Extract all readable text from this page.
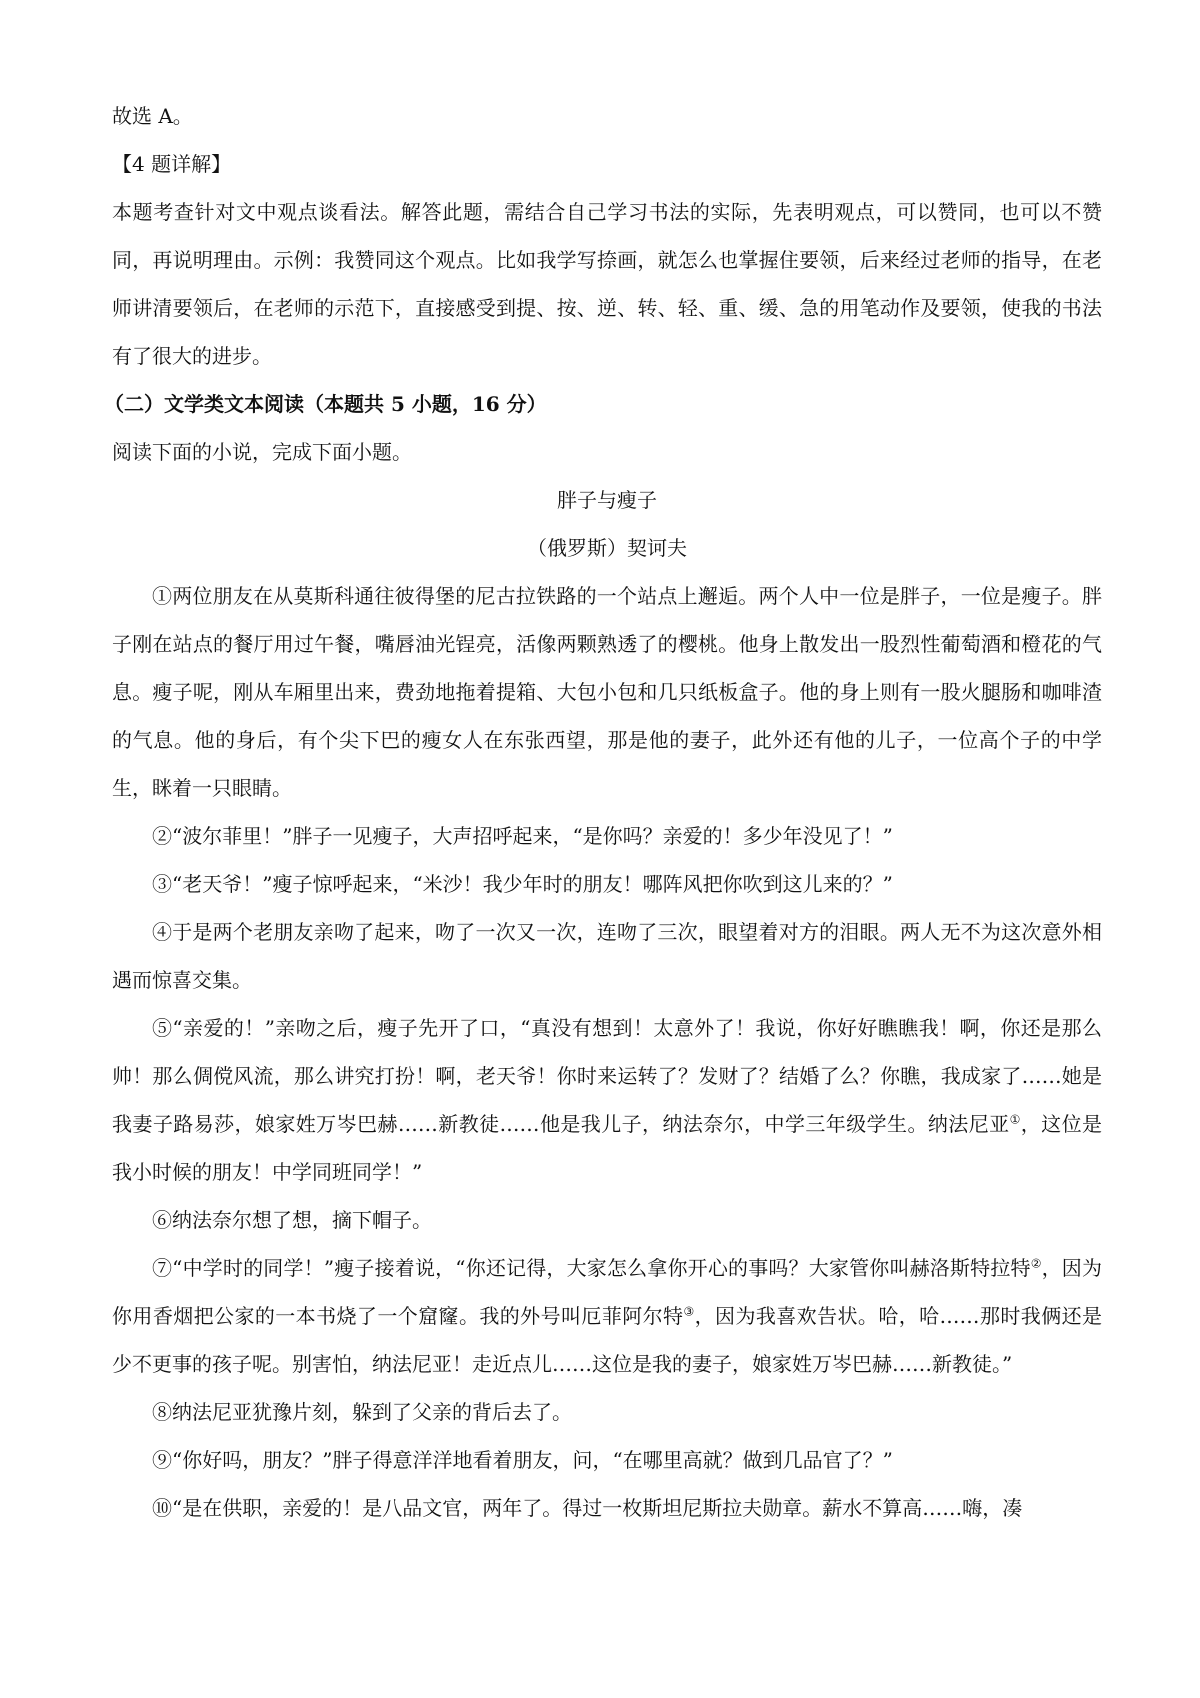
故选 A。

【4 题详解】

本题考查针对文中观点谈看法。解答此题，需结合自己学习书法的实际，先表明观点，可以赞同，也可以不赞同，再说明理由。示例：我赞同这个观点。比如我学写捺画，就怎么也掌握住要领，后来经过老师的指导，在老师讲清要领后，在老师的示范下，直接感受到提、按、逆、转、轻、重、缓、急的用笔动作及要领，使我的书法有了很大的进步。

（二）文学类文本阅读（本题共 5 小题，16 分）

阅读下面的小说，完成下面小题。

胖子与瘦子

（俄罗斯）契诃夫

①两位朋友在从莫斯科通往彼得堡的尼古拉铁路的一个站点上邂逅。两个人中一位是胖子，一位是瘦子。胖子刚在站点的餐厅用过午餐，嘴唇油光锃亮，活像两颗熟透了的樱桃。他身上散发出一股烈性葡萄酒和橙花的气息。瘦子呢，刚从车厢里出来，费劲地拖着提箱、大包小包和几只纸板盒子。他的身上则有一股火腿肠和咖啡渣的气息。他的身后，有个尖下巴的瘦女人在东张西望，那是他的妻子，此外还有他的儿子，一位高个子的中学生，眯着一只眼睛。

②“波尔菲里！”胖子一见瘦子，大声招呼起来，“是你吗？亲爱的！多少年没见了！”

③“老天爷！”瘦子惊呼起来，“米沙！我少年时的朋友！哪阵风把你吹到这儿来的？”

④于是两个老朋友亲吻了起来，吻了一次又一次，连吻了三次，眼望着对方的泪眼。两人无不为这次意外相遇而惊喜交集。

⑤“亲爱的！”亲吻之后，瘦子先开了口，“真没有想到！太意外了！我说，你好好瞧瞧我！啊，你还是那么帅！那么倜傥风流，那么讲究打扮！啊，老天爷！你时来运转了？发财了？结婚了么？你瞧，我成家了……她是我妻子路易莎，娘家姓万岑巴赫……新教徒……他是我儿子，纳法奈尔，中学三年级学生。纳法尼亚①，这位是我小时候的朋友！中学同班同学！”

⑥纳法奈尔想了想，摘下帽子。

⑦“中学时的同学！”瘦子接着说，“你还记得，大家怎么拿你开心的事吗？大家管你叫赫洛斯特拉特②，因为你用香烟把公家的一本书烧了一个窟窿。我的外号叫厄菲阿尔特③，因为我喜欢告状。哈，哈……那时我俩还是少不更事的孩子呢。别害怕，纳法尼亚！走近点儿……这位是我的妻子，娘家姓万岑巴赫……新教徒。”

⑧纳法尼亚犹豫片刻，躲到了父亲的背后去了。

⑨“你好吗，朋友？”胖子得意洋洋地看着朋友，问，“在哪里高就？做到几品官了？”

⑩“是在供职，亲爱的！是八品文官，两年了。得过一枚斯坦尼斯拉夫勋章。薪水不算高……嗨，凑
